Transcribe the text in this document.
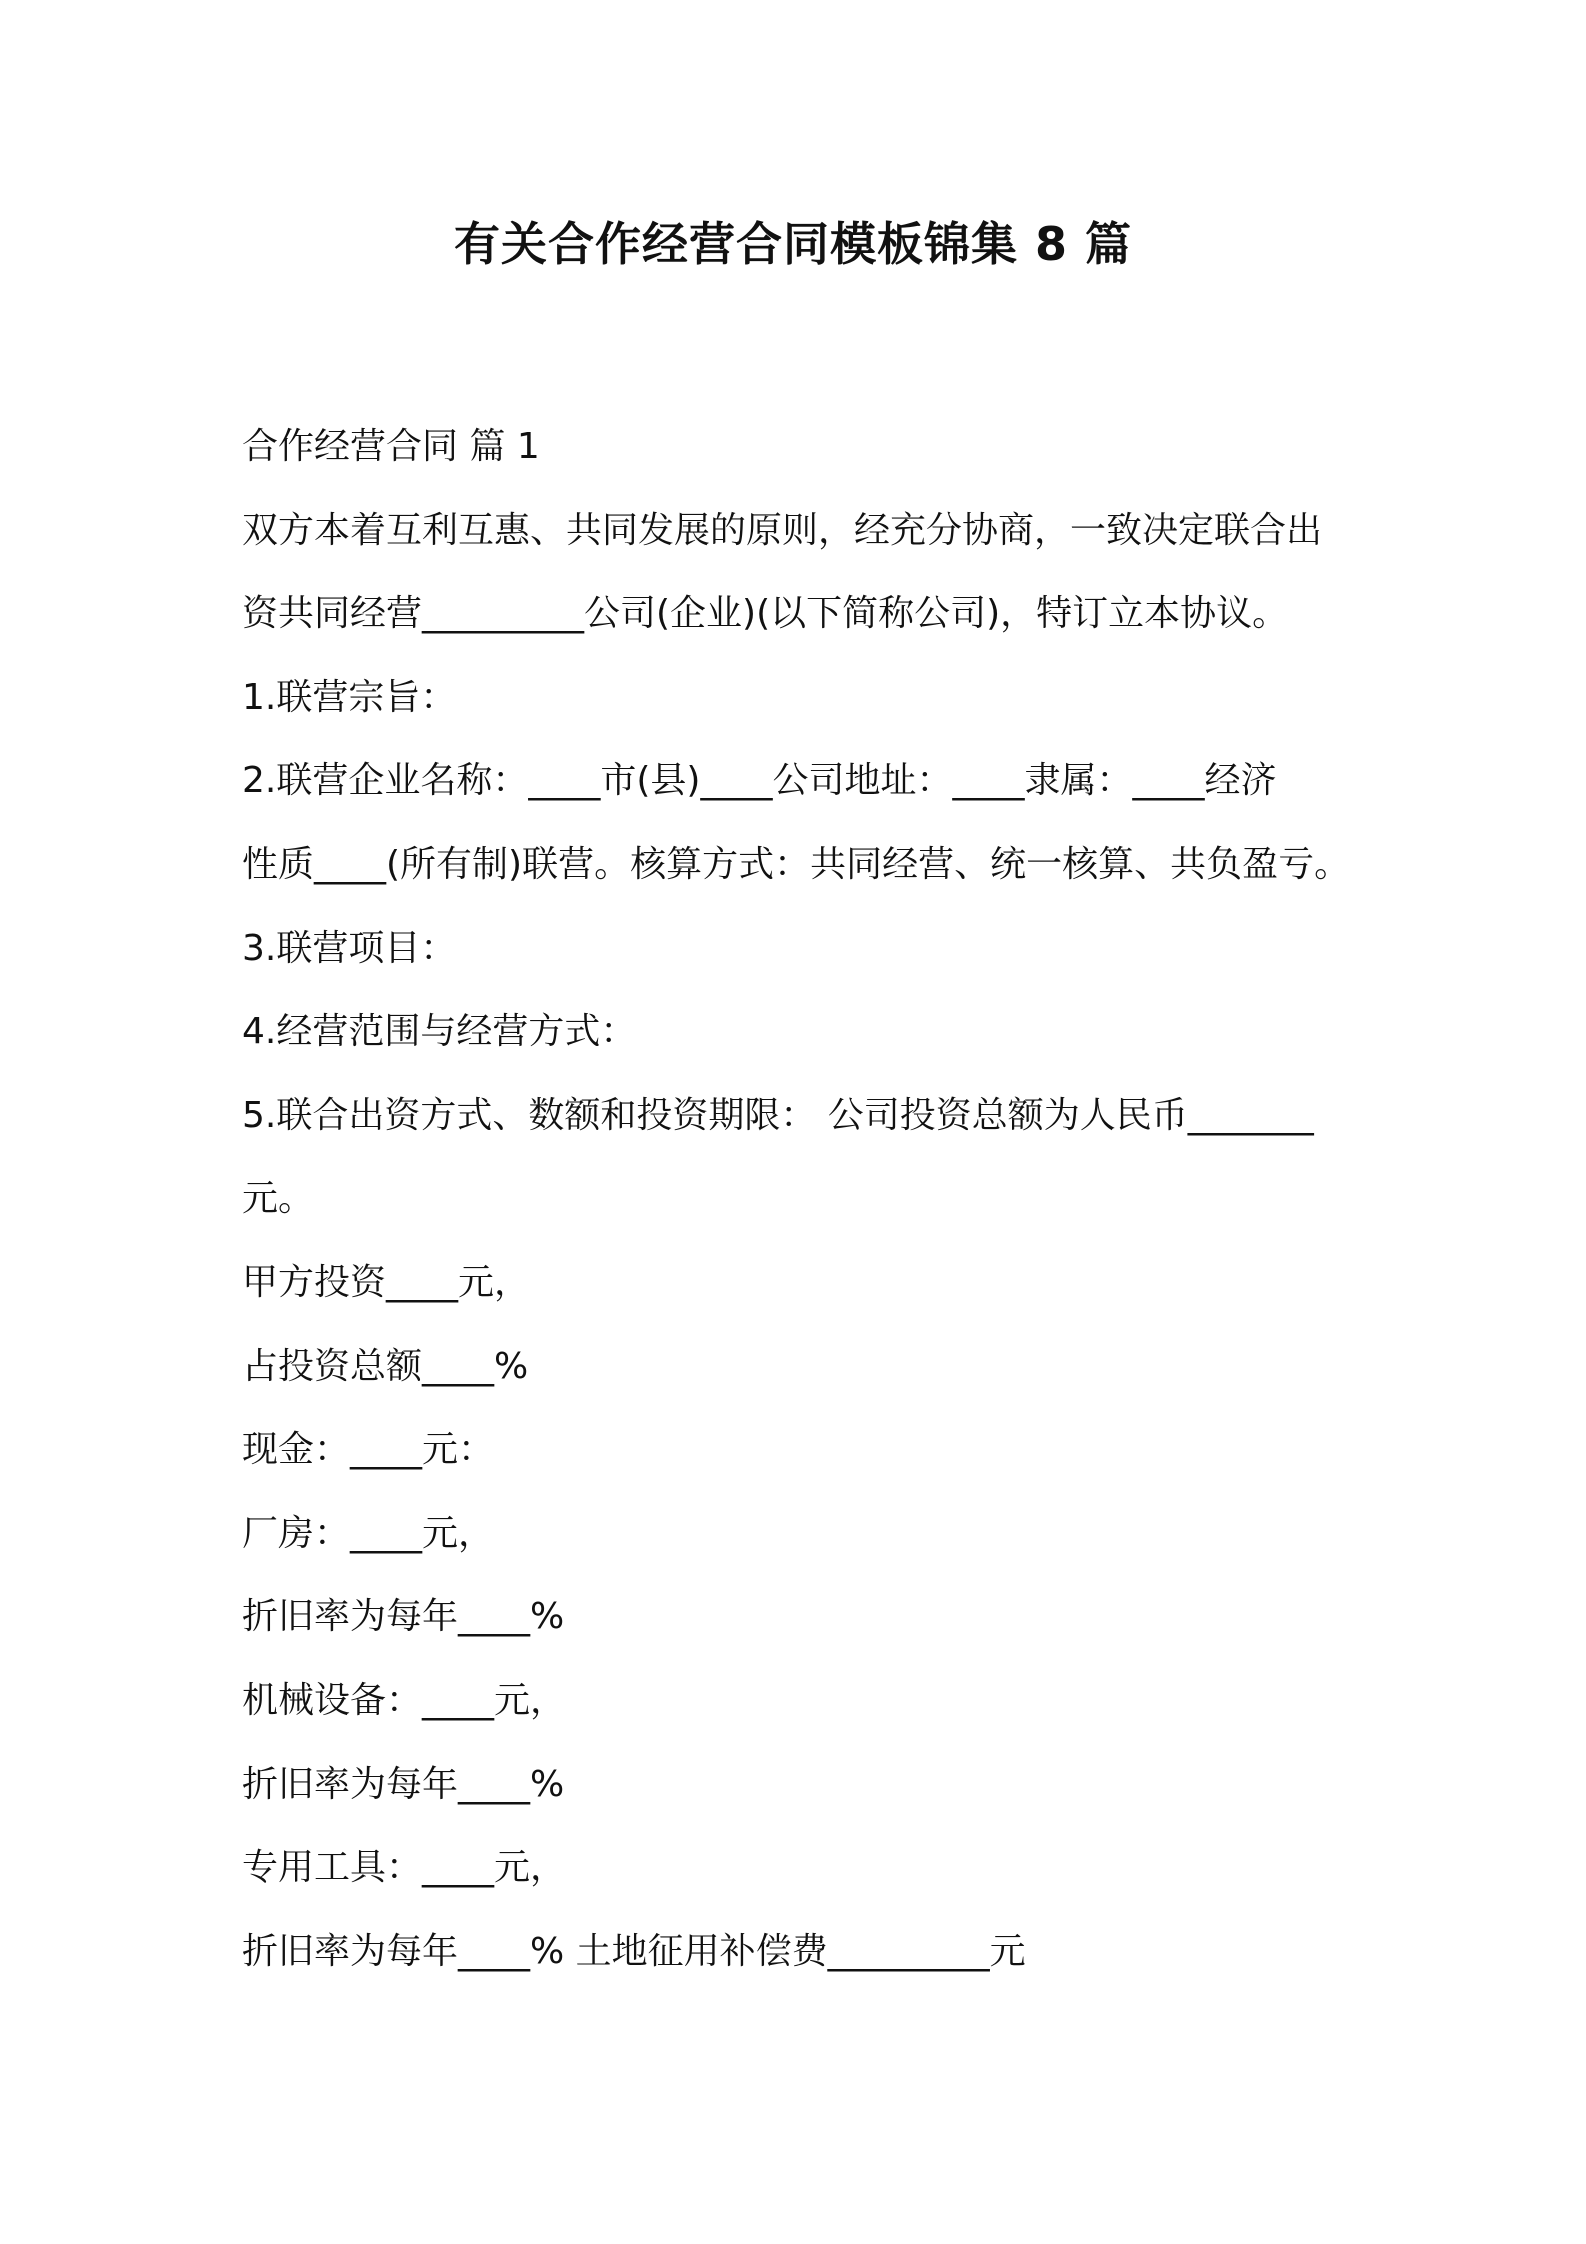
有关合作经营合同模板锦集 8 篇

合作经营合同 篇 1

双方本着互利互惠、共同发展的原则，经充分协商，一致决定联合出

资共同经营_________公司(企业)(以下简称公司)，特订立本协议。

1.联营宗旨：

2.联营企业名称：____市(县)____公司地址：____隶属：____经济

性质____(所有制)联营。核算方式：共同经营、统一核算、共负盈亏。

3.联营项目：

4.经营范围与经营方式：

5.联合出资方式、数额和投资期限： 公司投资总额为人民币_______

元。

甲方投资____元，

占投资总额____%

现金：____元：

厂房：____元，

折旧率为每年____%

机械设备：____元，

折旧率为每年____%

专用工具：____元，

折旧率为每年____% 土地征用补偿费_________元
